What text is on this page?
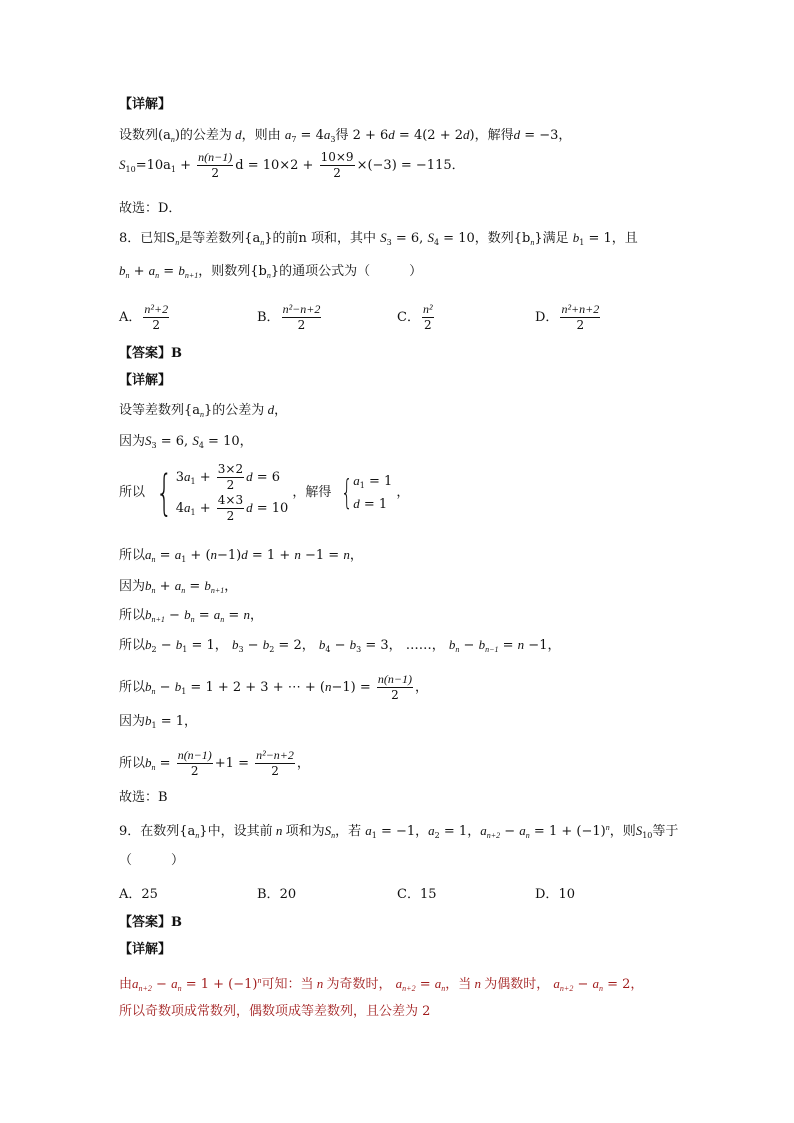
【详解】
设数列$(a_n)$的公差为 d，则由 $a_7 = 4a_3$得 2 + 6d = 4(2 + 2d)，解得d = −3，
$S_{10}=10a_1 + \frac{n(n-1)}{2}$ $d = 10\times 2 + \frac{10\times 9}{2} \times(-3) = -115$．
故选：D．
8．已知$S_n$是等差数列$\{a_n\}$的前n 项和，其中 $S_3 = 6$, $S_4 = 10$，数列$\{b_n\}$满足 $b_1 = 1$，且
$b_n + a_n = b_{n+1}$，则数列$\{b_n\}$的通项公式为（　　　）
A． $\frac{\text{n²+2}}{2}$	B． $\frac{\text{n²−n+2}}{2}$	C． $\frac{\text{n²}}{2}$	D． $\frac{\text{n²+n+2}}{2}$
【答案】B
【详解】
设等差数列$\{a_n\}$的公差为 d，
因为$S_3 = 6$, $S_4 = 10$，
所以 { $3a_1 + \frac{3\times 2}{2}$ d = 6
$4a_1 + \frac{4\times 3}{2}$ d = 10
，解得 { $a_1 = 1$
d = 1
，
所以$a_n = a_1 + (n-1)d = 1 + n -1 = n$，
因为$b_n + a_n = b_{n+1}$，
所以$b_{n+1} - b_n = a_n = n$，
所以$b_2 - b_1 = 1$， $b_3 - b_2 = 2$， $b_4 - b_3 = 3$， ……， $b_n - b_{n-1} = n -1$，
所以$b_n - b_1 = 1 + 2 + 3$ + ⋯ + $(n-1) = \frac{n(n-1)}{2}$ ，
因为$b_1 = 1$，
所以$b_n = \frac{n(n-1)}{2} +1 = \frac{\text{n²−n+2}}{2}$ ，
故选：B
9．在数列$\{a_n\}$中，设其前 n 项和为$S_n$，若 $a_1 = -1$，$a_2 = 1$，$a_{n+2} - a_n = 1 + (-1)^n$，则$S_{10}$等于
（　　　）
A．25	B．20	C．15	D．10
【答案】B
【详解】
由$a_{n+2} - a_n = 1 + (-1)^n$可知：当 n 为奇数时， $a_{n+2} = a_n$，当 n 为偶数时， $a_{n+2} - a_n = 2$，
所以奇数项成常数列，偶数项成等差数列，且公差为 2
